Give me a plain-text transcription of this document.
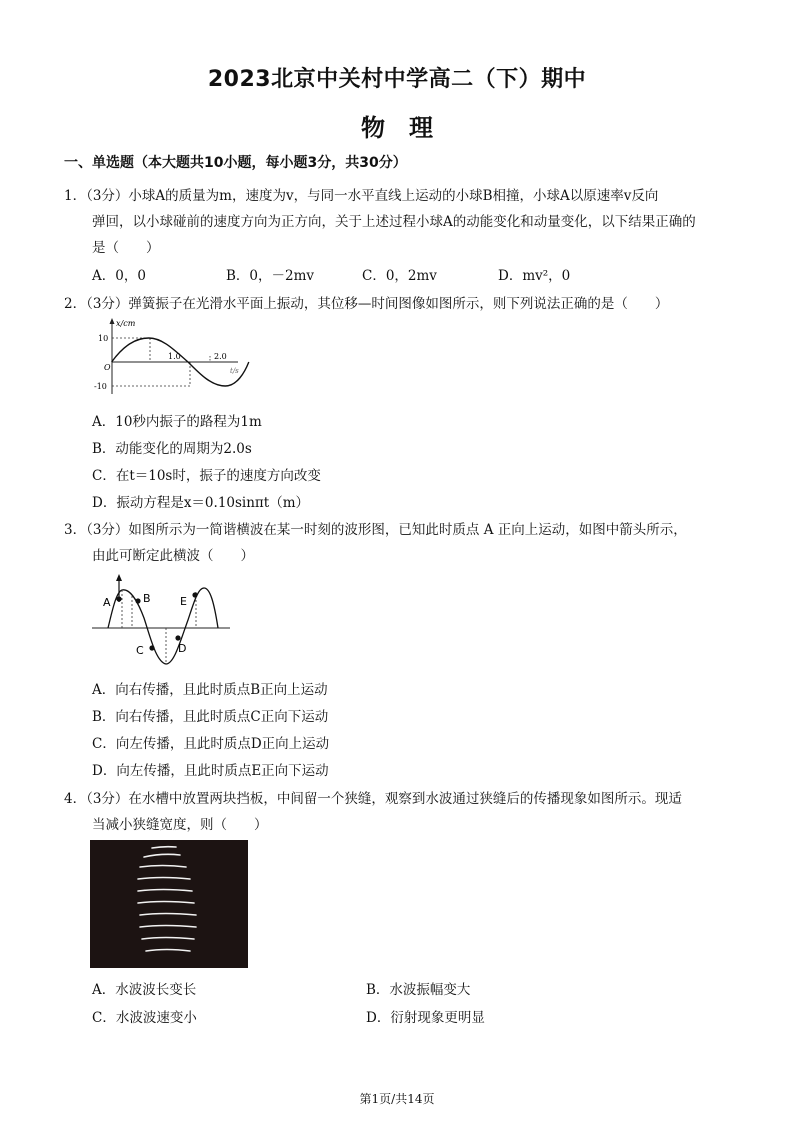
2023北京中关村中学高二（下）期中
物　理
一、单选题（本大题共10小题，每小题3分，共30分）
1．（3分）小球A的质量为m，速度为v，与同一水平直线上运动的小球B相撞，小球A以原速率v反向
弹回，以小球碰前的速度方向为正方向，关于上述过程小球A的动能变化和动量变化，以下结果正确的
是（　　）
A．0，0	B．0，－2mv	C．0，2mv	D．mv²，0
2．（3分）弹簧振子在光滑水平面上振动，其位移—时间图像如图所示，则下列说法正确的是（　　）
x/cm
10
-10
O
1.0	2.0
t/s
A．10秒内振子的路程为1m
B．动能变化的周期为2.0s
C．在t＝10s时，振子的速度方向改变
D．振动方程是x＝0.10sinπt（m）
3．（3分）如图所示为一简谐横波在某一时刻的波形图，已知此时质点 A 正向上运动，如图中箭头所示，
由此可断定此横波（　　）
A	B
C	D
E
A．向右传播，且此时质点B正向上运动
B．向右传播，且此时质点C正向下运动
C．向左传播，且此时质点D正向上运动
D．向左传播，且此时质点E正向下运动
4．（3分）在水槽中放置两块挡板，中间留一个狭缝，观察到水波通过狭缝后的传播现象如图所示。现适
当减小狭缝宽度，则（　　）
A．水波波长变长	B．水波振幅变大
C．水波波速变小	D．衍射现象更明显
第1页/共14页
